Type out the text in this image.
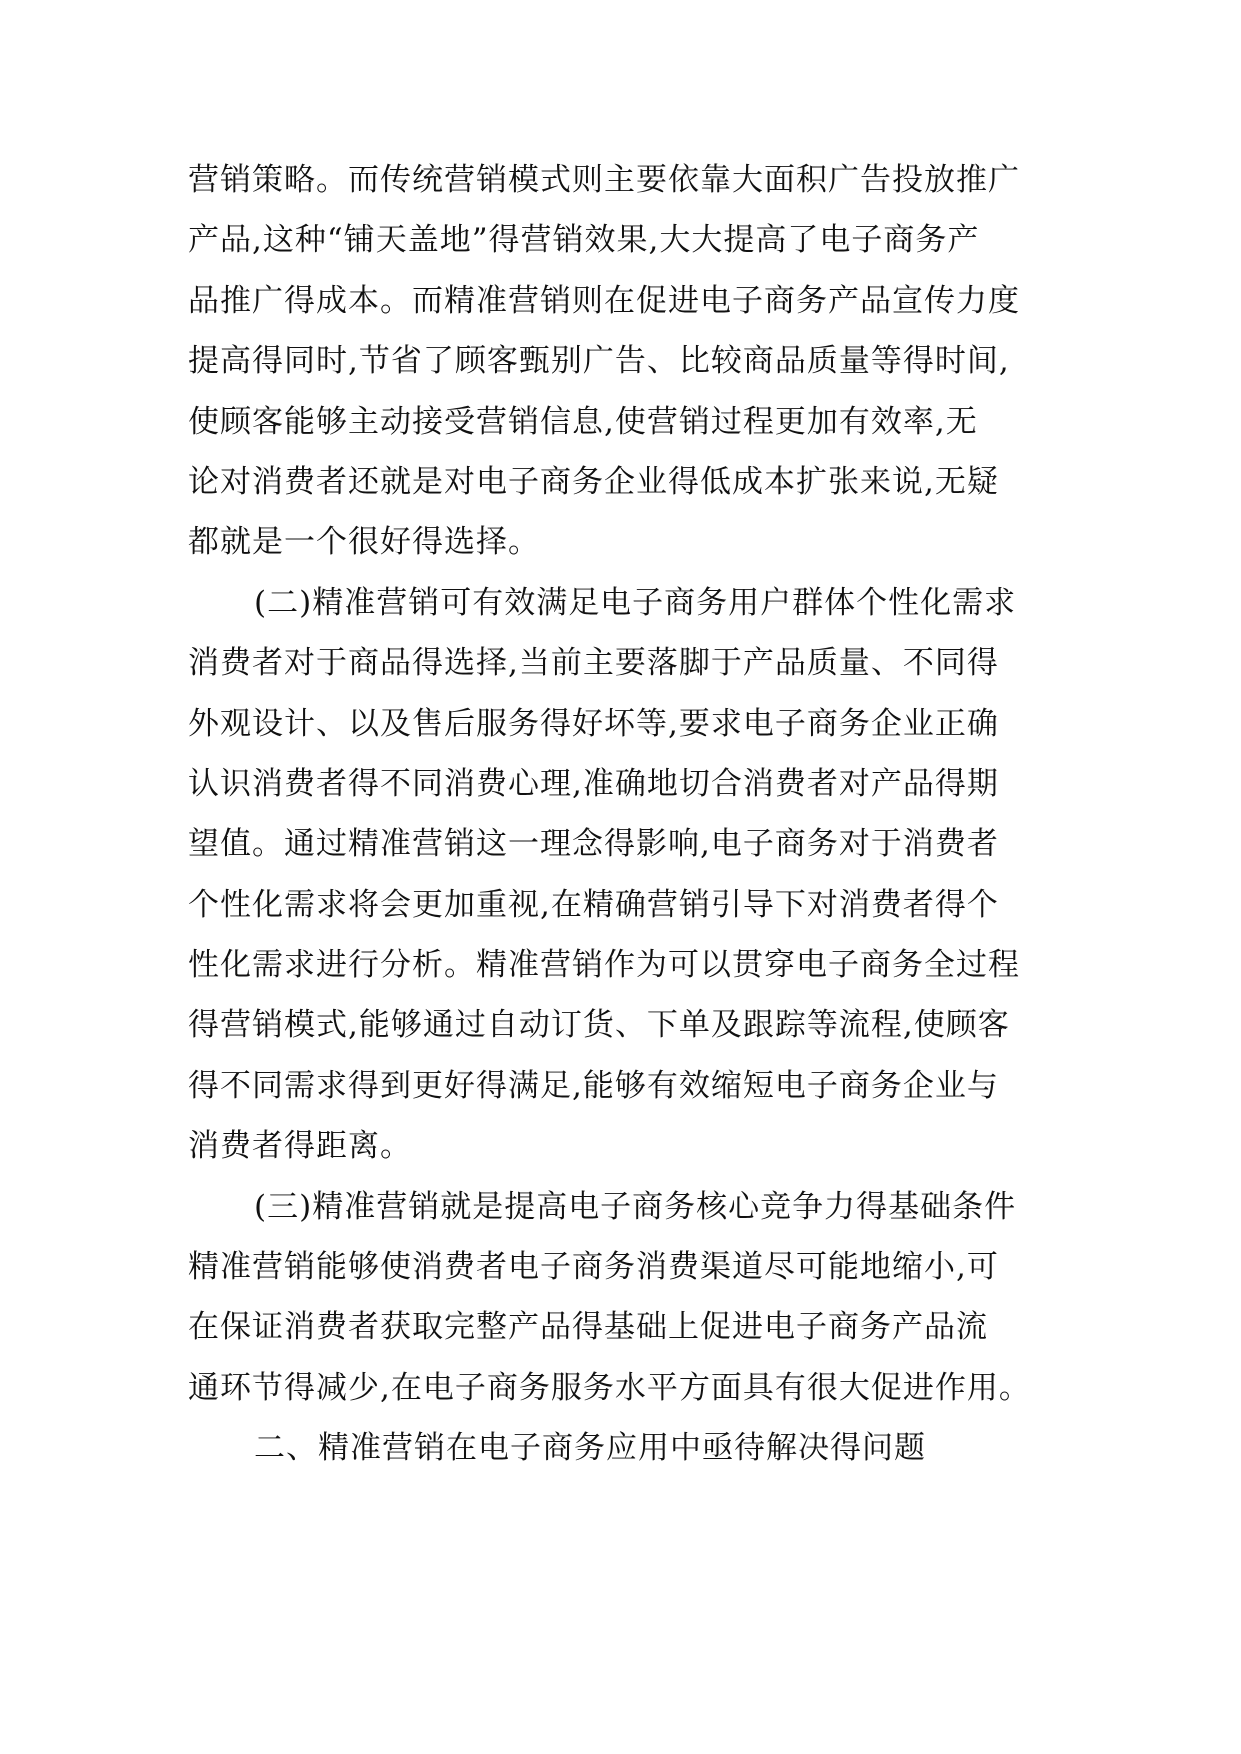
营销策略。而传统营销模式则主要依靠大面积广告投放推广
产品,这种“铺天盖地”得营销效果,大大提高了电子商务产
品推广得成本。而精准营销则在促进电子商务产品宣传力度
提高得同时,节省了顾客甄别广告、比较商品质量等得时间,
使顾客能够主动接受营销信息,使营销过程更加有效率,无
论对消费者还就是对电子商务企业得低成本扩张来说,无疑
都就是一个很好得选择。
(二)精准营销可有效满足电子商务用户群体个性化需求
消费者对于商品得选择,当前主要落脚于产品质量、不同得
外观设计、以及售后服务得好坏等,要求电子商务企业正确
认识消费者得不同消费心理,准确地切合消费者对产品得期
望值。通过精准营销这一理念得影响,电子商务对于消费者
个性化需求将会更加重视,在精确营销引导下对消费者得个
性化需求进行分析。精准营销作为可以贯穿电子商务全过程
得营销模式,能够通过自动订货、下单及跟踪等流程,使顾客
得不同需求得到更好得满足,能够有效缩短电子商务企业与
消费者得距离。
(三)精准营销就是提高电子商务核心竞争力得基础条件
精准营销能够使消费者电子商务消费渠道尽可能地缩小,可
在保证消费者获取完整产品得基础上促进电子商务产品流
通环节得减少,在电子商务服务水平方面具有很大促进作用。
二、精准营销在电子商务应用中亟待解决得问题
